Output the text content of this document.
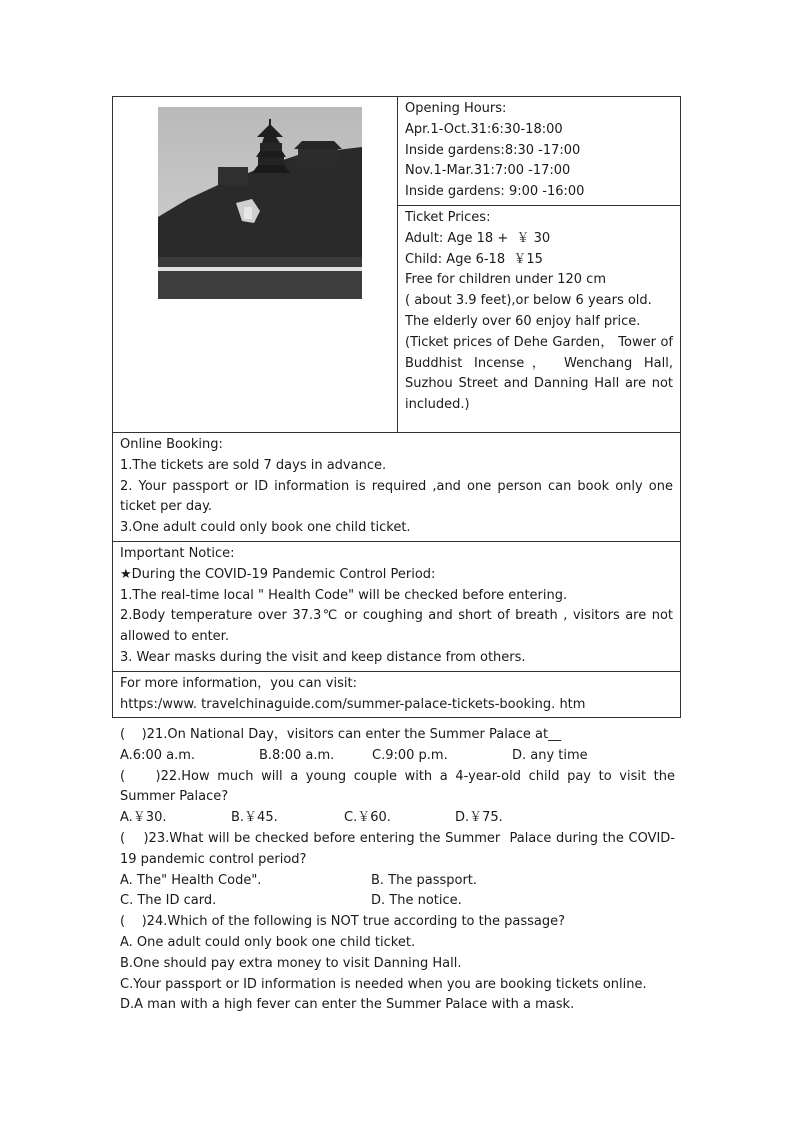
Opening Hours:
Apr.1-Oct.31:6:30-18:00
Inside gardens:8:30 -17:00
Nov.1-Mar.31:7:00 -17:00
Inside gardens: 9:00 -16:00

Ticket Prices:
Adult: Age 18 +  ￥ 30
Child: Age 6-18  ￥15
Free for children under 120 cm
( about 3.9 feet),or below 6 years old.
The elderly over 60 enjoy half price.
(Ticket prices of Dehe Garden， Tower of Buddhist Incense， Wenchang Hall, Suzhou Street and Danning Hall are not included.)

Online Booking:
1.The tickets are sold 7 days in advance.
2. Your passport or ID information is required ,and one person can book only one ticket per day.
3.One adult could only book one child ticket.

Important Notice:
★During the COVID-19 Pandemic Control Period:
1.The real-time local " Health Code" will be checked before entering.
2.Body temperature over 37.3℃ or coughing and short of breath , visitors are not allowed to enter.
3. Wear masks during the visit and keep distance from others.

For more information，you can visit:
https:/www. travelchinaguide.com/summer-palace-tickets-booking. htm
(    )21.On National Day，visitors can enter the Summer Palace at__
A.6:00 a.m.	B.8:00 a.m.	C.9:00 p.m.	D. any time
(    )22.How much will a young couple with a 4-year-old child pay to visit the Summer Palace?
A.￥30.	B.￥45.	C.￥60.	D.￥75.
(    )23.What will be checked before entering the Summer  Palace during the COVID-19 pandemic control period?
A. The" Health Code".	B. The passport.
C. The ID card.	D. The notice.
(    )24.Which of the following is NOT true according to the passage?
A. One adult could only book one child ticket.
B.One should pay extra money to visit Danning Hall.
C.Your passport or ID information is needed when you are booking tickets online.
D.A man with a high fever can enter the Summer Palace with a mask.
